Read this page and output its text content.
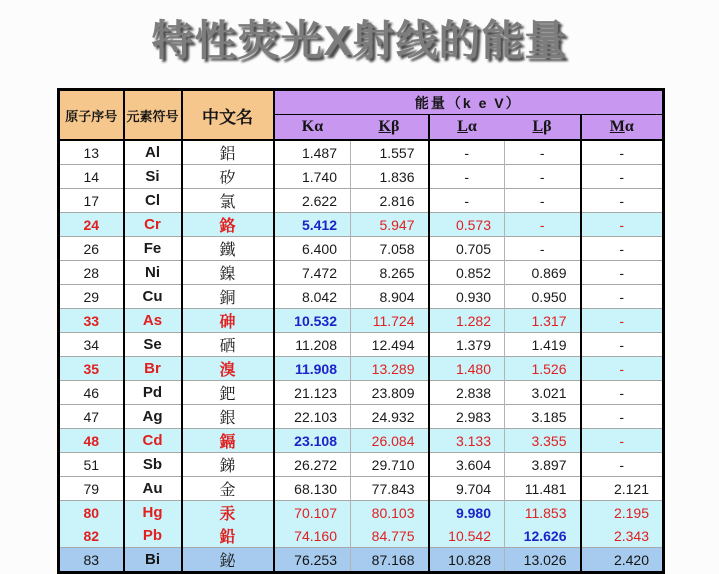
特性荧光X射线的能量
原子序号	元素符号	中文名	能量（k e V）				
			Kα	Kβ	Lα	Lβ	Mα
13	Al	鋁	1.487	1.557	-	-	-
14	Si	矽	1.740	1.836	-	-	-
17	Cl	氯	2.622	2.816	-	-	-
24	Cr	鉻	5.412	5.947	0.573	-	-
26	Fe	鐵	6.400	7.058	0.705	-	-
28	Ni	鎳	7.472	8.265	0.852	0.869	-
29	Cu	銅	8.042	8.904	0.930	0.950	-
33	As	砷	10.532	11.724	1.282	1.317	-
34	Se	硒	11.208	12.494	1.379	1.419	-
35	Br	溴	11.908	13.289	1.480	1.526	-
46	Pd	鈀	21.123	23.809	2.838	3.021	-
47	Ag	銀	22.103	24.932	2.983	3.185	-
48	Cd	鎘	23.108	26.084	3.133	3.355	-
51	Sb	銻	26.272	29.710	3.604	3.897	-
79	Au	金	68.130	77.843	9.704	11.481	2.121
80	Hg	汞	70.107	80.103	9.980	11.853	2.195
82	Pb	鉛	74.160	84.775	10.542	12.626	2.343
83	Bi	鉍	76.253	87.168	10.828	13.026	2.420
